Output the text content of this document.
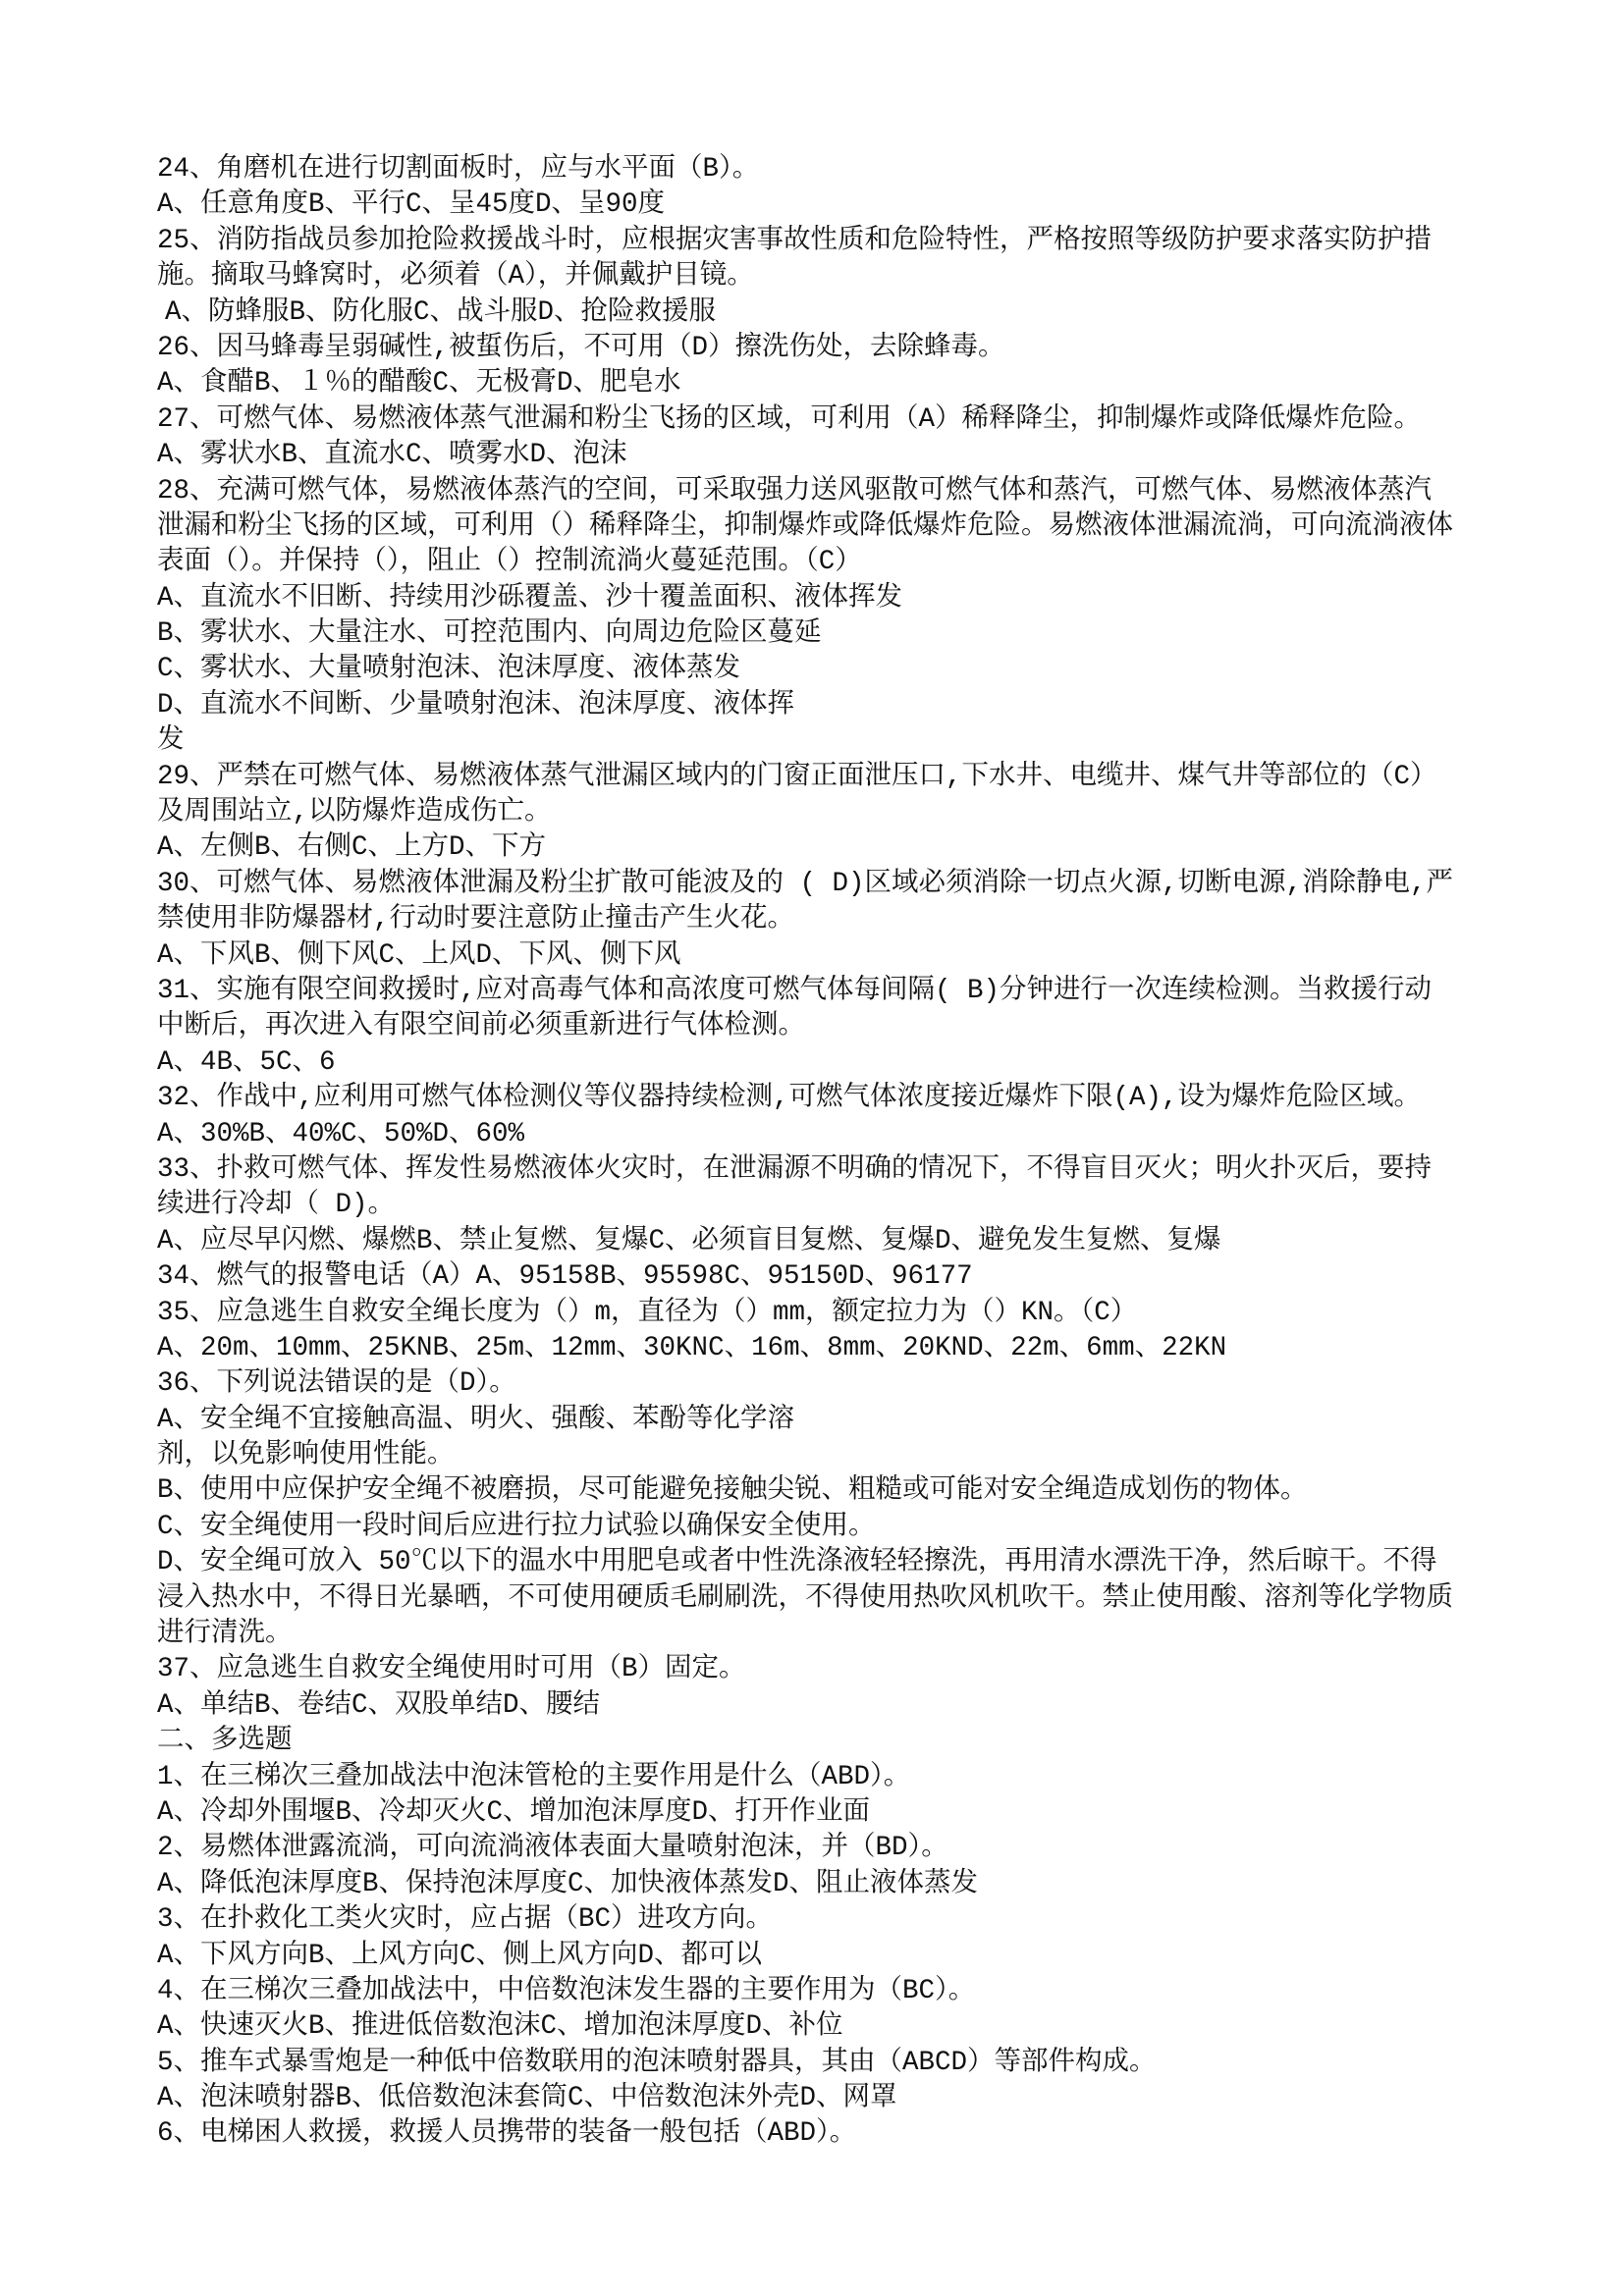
24、角磨机在进行切割面板时，应与水平面（B）。
A、任意角度B、平行C、呈45度D、呈90度
25、消防指战员参加抢险救援战斗时，应根据灾害事故性质和危险特性，严格按照等级防护要求落实防护措
施。摘取马蜂窝时，必须着（A），并佩戴护目镜。
A、防蜂服B、防化服C、战斗服D、抢险救援服
26、因马蜂毒呈弱碱性,被蜇伤后，不可用（D）擦洗伤处，去除蜂毒。
A、食醋B、１％的醋酸C、无极膏D、肥皂水
27、可燃气体、易燃液体蒸气泄漏和粉尘飞扬的区域，可利用（A）稀释降尘，抑制爆炸或降低爆炸危险。
A、雾状水B、直流水C、喷雾水D、泡沫
28、充满可燃气体，易燃液体蒸汽的空间，可采取强力送风驱散可燃气体和蒸汽，可燃气体、易燃液体蒸汽
泄漏和粉尘飞扬的区域，可利用（）稀释降尘，抑制爆炸或降低爆炸危险。易燃液体泄漏流淌，可向流淌液体
表面（）。并保持（），阻止（）控制流淌火蔓延范围。（C）
A、直流水不旧断、持续用沙砾覆盖、沙十覆盖面积、液体挥发
B、雾状水、大量注水、可控范围内、向周边危险区蔓延
C、雾状水、大量喷射泡沫、泡沫厚度、液体蒸发
D、直流水不间断、少量喷射泡沫、泡沫厚度、液体挥
发
29、严禁在可燃气体、易燃液体蒸气泄漏区域内的门窗正面泄压口,下水井、电缆井、煤气井等部位的（C）
及周围站立,以防爆炸造成伤亡。
A、左侧B、右侧C、上方D、下方
30、可燃气体、易燃液体泄漏及粉尘扩散可能波及的 ( D)区域必须消除一切点火源,切断电源,消除静电,严
禁使用非防爆器材,行动时要注意防止撞击产生火花。
A、下风B、侧下风C、上风D、下风、侧下风
31、实施有限空间救援时,应对高毒气体和高浓度可燃气体每间隔( B)分钟进行一次连续检测。当救援行动
中断后，再次进入有限空间前必须重新进行气体检测。
A、4B、5C、6
32、作战中,应利用可燃气体检测仪等仪器持续检测,可燃气体浓度接近爆炸下限(A),设为爆炸危险区域。
A、30%B、40%C、50%D、60%
33、扑救可燃气体、挥发性易燃液体火灾时，在泄漏源不明确的情况下，不得盲目灭火；明火扑灭后，要持
续进行冷却（ D)。
A、应尽早闪燃、爆燃B、禁止复燃、复爆C、必须盲目复燃、复爆D、避免发生复燃、复爆
34、燃气的报警电话（A）A、95158B、95598C、95150D、96177
35、应急逃生自救安全绳长度为（）m，直径为（）mm，额定拉力为（）KN。（C）
A、20m、10mm、25KNB、25m、12mm、30KNC、16m、8mm、20KND、22m、6mm、22KN
36、下列说法错误的是（D）。
A、安全绳不宜接触高温、明火、强酸、苯酚等化学溶
剂，以免影响使用性能。
B、使用中应保护安全绳不被磨损，尽可能避免接触尖锐、粗糙或可能对安全绳造成划伤的物体。
C、安全绳使用一段时间后应进行拉力试验以确保安全使用。
D、安全绳可放入 50℃以下的温水中用肥皂或者中性洗涤液轻轻擦洗，再用清水漂洗干净，然后晾干。不得
浸入热水中，不得日光暴晒，不可使用硬质毛刷刷洗，不得使用热吹风机吹干。禁止使用酸、溶剂等化学物质
进行清洗。
37、应急逃生自救安全绳使用时可用（B）固定。
A、单结B、卷结C、双股单结D、腰结
二、多选题
1、在三梯次三叠加战法中泡沫管枪的主要作用是什么（ABD）。
A、冷却外围堰B、冷却灭火C、增加泡沫厚度D、打开作业面
2、易燃体泄露流淌，可向流淌液体表面大量喷射泡沫，并（BD）。
A、降低泡沫厚度B、保持泡沫厚度C、加快液体蒸发D、阻止液体蒸发
3、在扑救化工类火灾时，应占据（BC）进攻方向。
A、下风方向B、上风方向C、侧上风方向D、都可以
4、在三梯次三叠加战法中，中倍数泡沫发生器的主要作用为（BC）。
A、快速灭火B、推进低倍数泡沫C、增加泡沫厚度D、补位
5、推车式暴雪炮是一种低中倍数联用的泡沫喷射器具，其由（ABCD）等部件构成。
A、泡沫喷射器B、低倍数泡沫套筒C、中倍数泡沫外壳D、网罩
6、电梯困人救援，救援人员携带的装备一般包括（ABD）。
